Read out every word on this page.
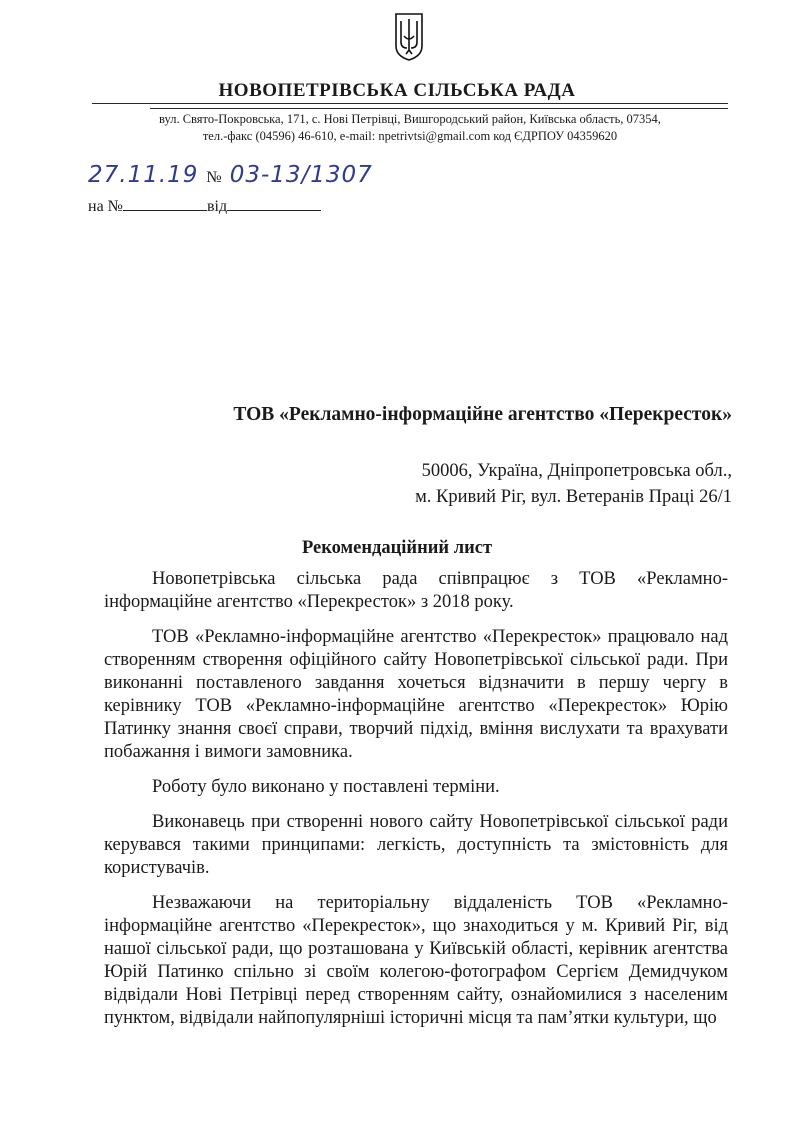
НОВОПЕТРІВСЬКА СІЛЬСЬКА РАДА
вул. Свято-Покровська, 171, с. Нові Петрівці, Вишгородський район, Київська область, 07354,
тел.-факс (04596) 46-610, e-mail: npetrivtsi@gmail.com код ЄДРПОУ 04359620
27.11.19 № 03-13/1307
на №	від
ТОВ «Рекламно-інформаційне агентство «Перекресток»
50006, Україна, Дніпропетровська обл.,
м. Кривий Ріг, вул. Ветеранів Праці 26/1
Рекомендаційний лист

Новопетрівська сільська рада співпрацює з ТОВ «Рекламно-інформаційне агентство «Перекресток» з 2018 року.

ТОВ «Рекламно-інформаційне агентство «Перекресток» працювало над створенням створення офіційного сайту Новопетрівської сільської ради. При виконанні поставленого завдання хочеться відзначити в першу чергу в керівнику ТОВ «Рекламно-інформаційне агентство «Перекресток» Юрію Патинку знання своєї справи, творчий підхід, вміння вислухати та врахувати побажання і вимоги замовника.

Роботу було виконано у поставлені терміни.

Виконавець при створенні нового сайту Новопетрівської сільської ради керувався такими принципами: легкість, доступність та змістовність для користувачів.

Незважаючи на територіальну віддаленість ТОВ «Рекламно-інформаційне агентство «Перекресток», що знаходиться у м. Кривий Ріг, від нашої сільської ради, що розташована у Київській області, керівник агентства Юрій Патинко спільно зі своїм колегою-фотографом Сергієм Демидчуком відвідали Нові Петрівці перед створенням сайту, ознайомилися з населеним пунктом, відвідали найпопулярніші історичні місця та пам’ятки культури, що
